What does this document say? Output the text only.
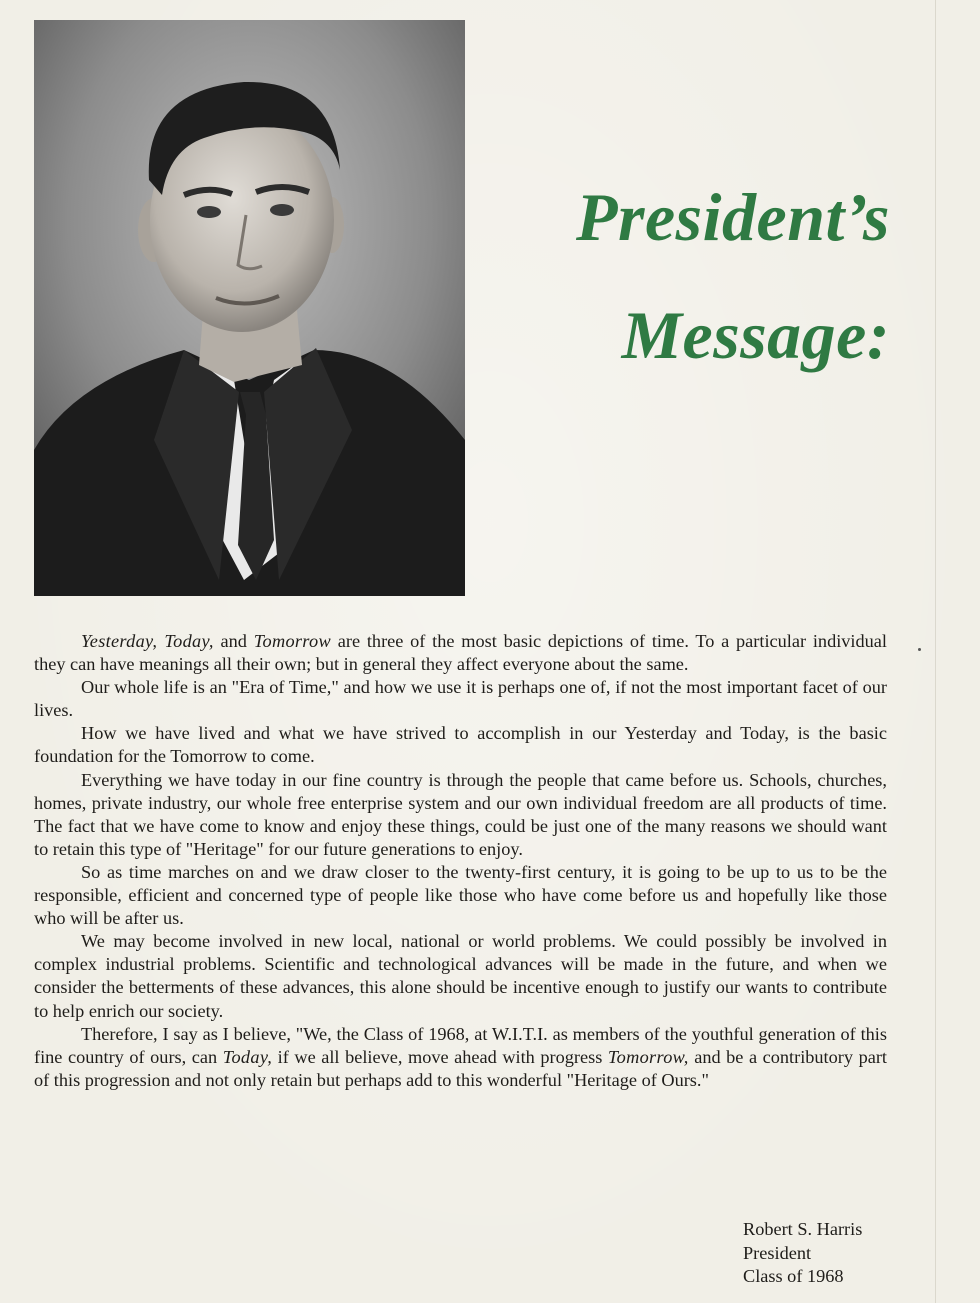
President’s
Message:

Yesterday, Today, and Tomorrow are three of the most basic depictions of time. To a particular individual they can have meanings all their own; but in general they affect everyone about the same.

Our whole life is an "Era of Time," and how we use it is perhaps one of, if not the most important facet of our lives.

How we have lived and what we have strived to accomplish in our Yesterday and Today, is the basic foundation for the Tomorrow to come.

Everything we have today in our fine country is through the people that came before us. Schools, churches, homes, private industry, our whole free enterprise system and our own individual freedom are all products of time. The fact that we have come to know and enjoy these things, could be just one of the many reasons we should want to retain this type of "Heritage" for our future generations to enjoy.

So as time marches on and we draw closer to the twenty-first century, it is going to be up to us to be the responsible, efficient and concerned type of people like those who have come before us and hopefully like those who will be after us.

We may become involved in new local, national or world problems. We could possibly be involved in complex industrial problems. Scientific and technological advances will be made in the future, and when we consider the betterments of these advances, this alone should be incentive enough to justify our wants to contribute to help enrich our society.

Therefore, I say as I believe, "We, the Class of 1968, at W.I.T.I. as members of the youthful generation of this fine country of ours, can Today, if we all believe, move ahead with progress Tomorrow, and be a contributory part of this progression and not only retain but perhaps add to this wonderful "Heritage of Ours."

Robert S. Harris
President
Class of 1968
